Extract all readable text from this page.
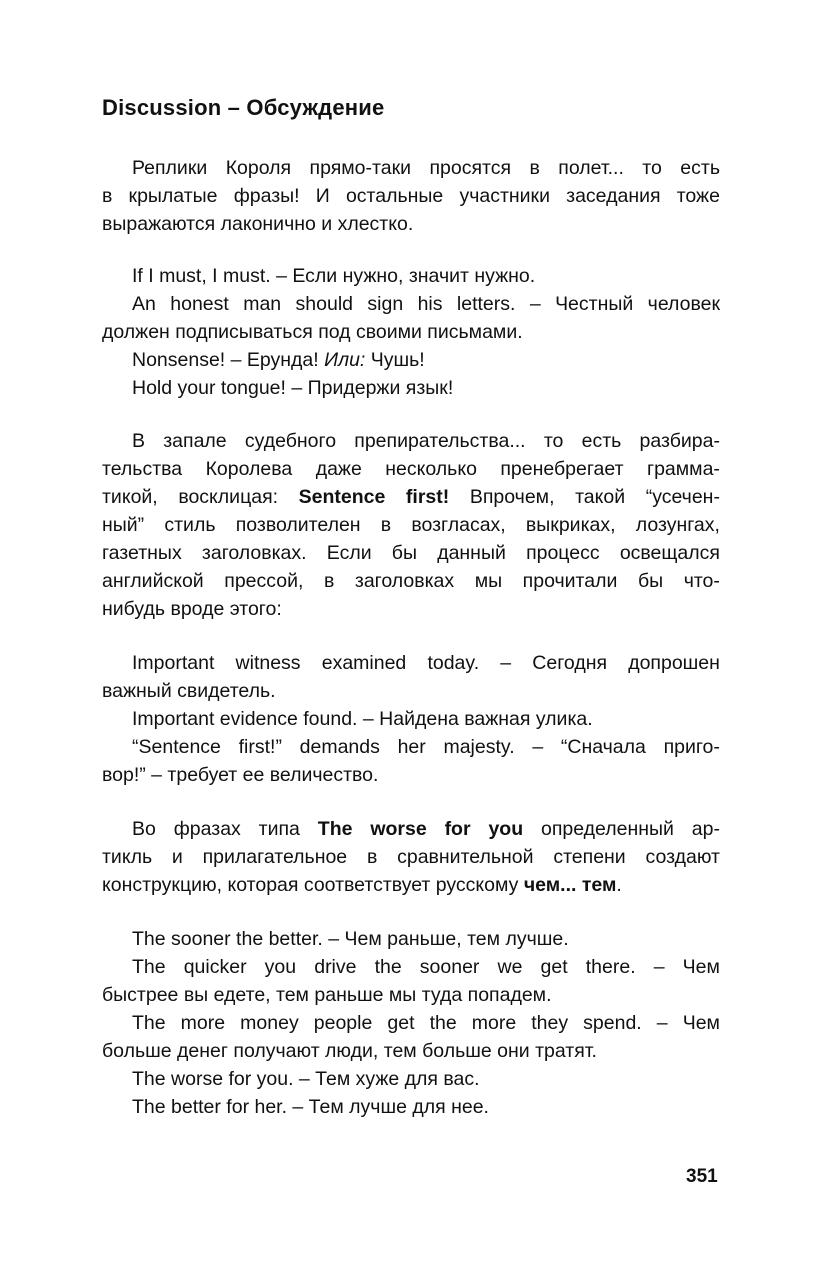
Discussion – Обсуждение
Реплики Короля прямо-таки просятся в полет... то есть
в крылатые фразы! И остальные участники заседания тоже
выражаются лаконично и хлестко.
If I must, I must. – Если нужно, значит нужно.
An honest man should sign his letters. – Честный человек
должен подписываться под своими письмами.
Nonsense! – Ерунда! Или: Чушь!
Hold your tongue! – Придержи язык!
В запале судебного препирательства... то есть разбира-
тельства Королева даже несколько пренебрегает грамма-
тикой, восклицая: Sentence first! Впрочем, такой “усечен-
ный” стиль позволителен в возгласах, выкриках, лозунгах,
газетных заголовках. Если бы данный процесс освещался
английской прессой, в заголовках мы прочитали бы что-
нибудь вроде этого:
Important witness examined today. – Сегодня допрошен
важный свидетель.
Important evidence found. – Найдена важная улика.
“Sentence first!” demands her majesty. – “Сначала приго-
вор!” – требует ее величество.
Во фразах типа The worse for you определенный ар-
тикль и прилагательное в сравнительной степени создают
конструкцию, которая соответствует русскому чем... тем .
The sooner the better. – Чем раньше, тем лучше.
The quicker you drive the sooner we get there. – Чем
быстрее вы едете, тем раньше мы туда попадем.
The more money people get the more they spend. – Чем
больше денег получают люди, тем больше они тратят.
The worse for you. – Тем хуже для вас.
The better for her. – Тем лучше для нее.
351
